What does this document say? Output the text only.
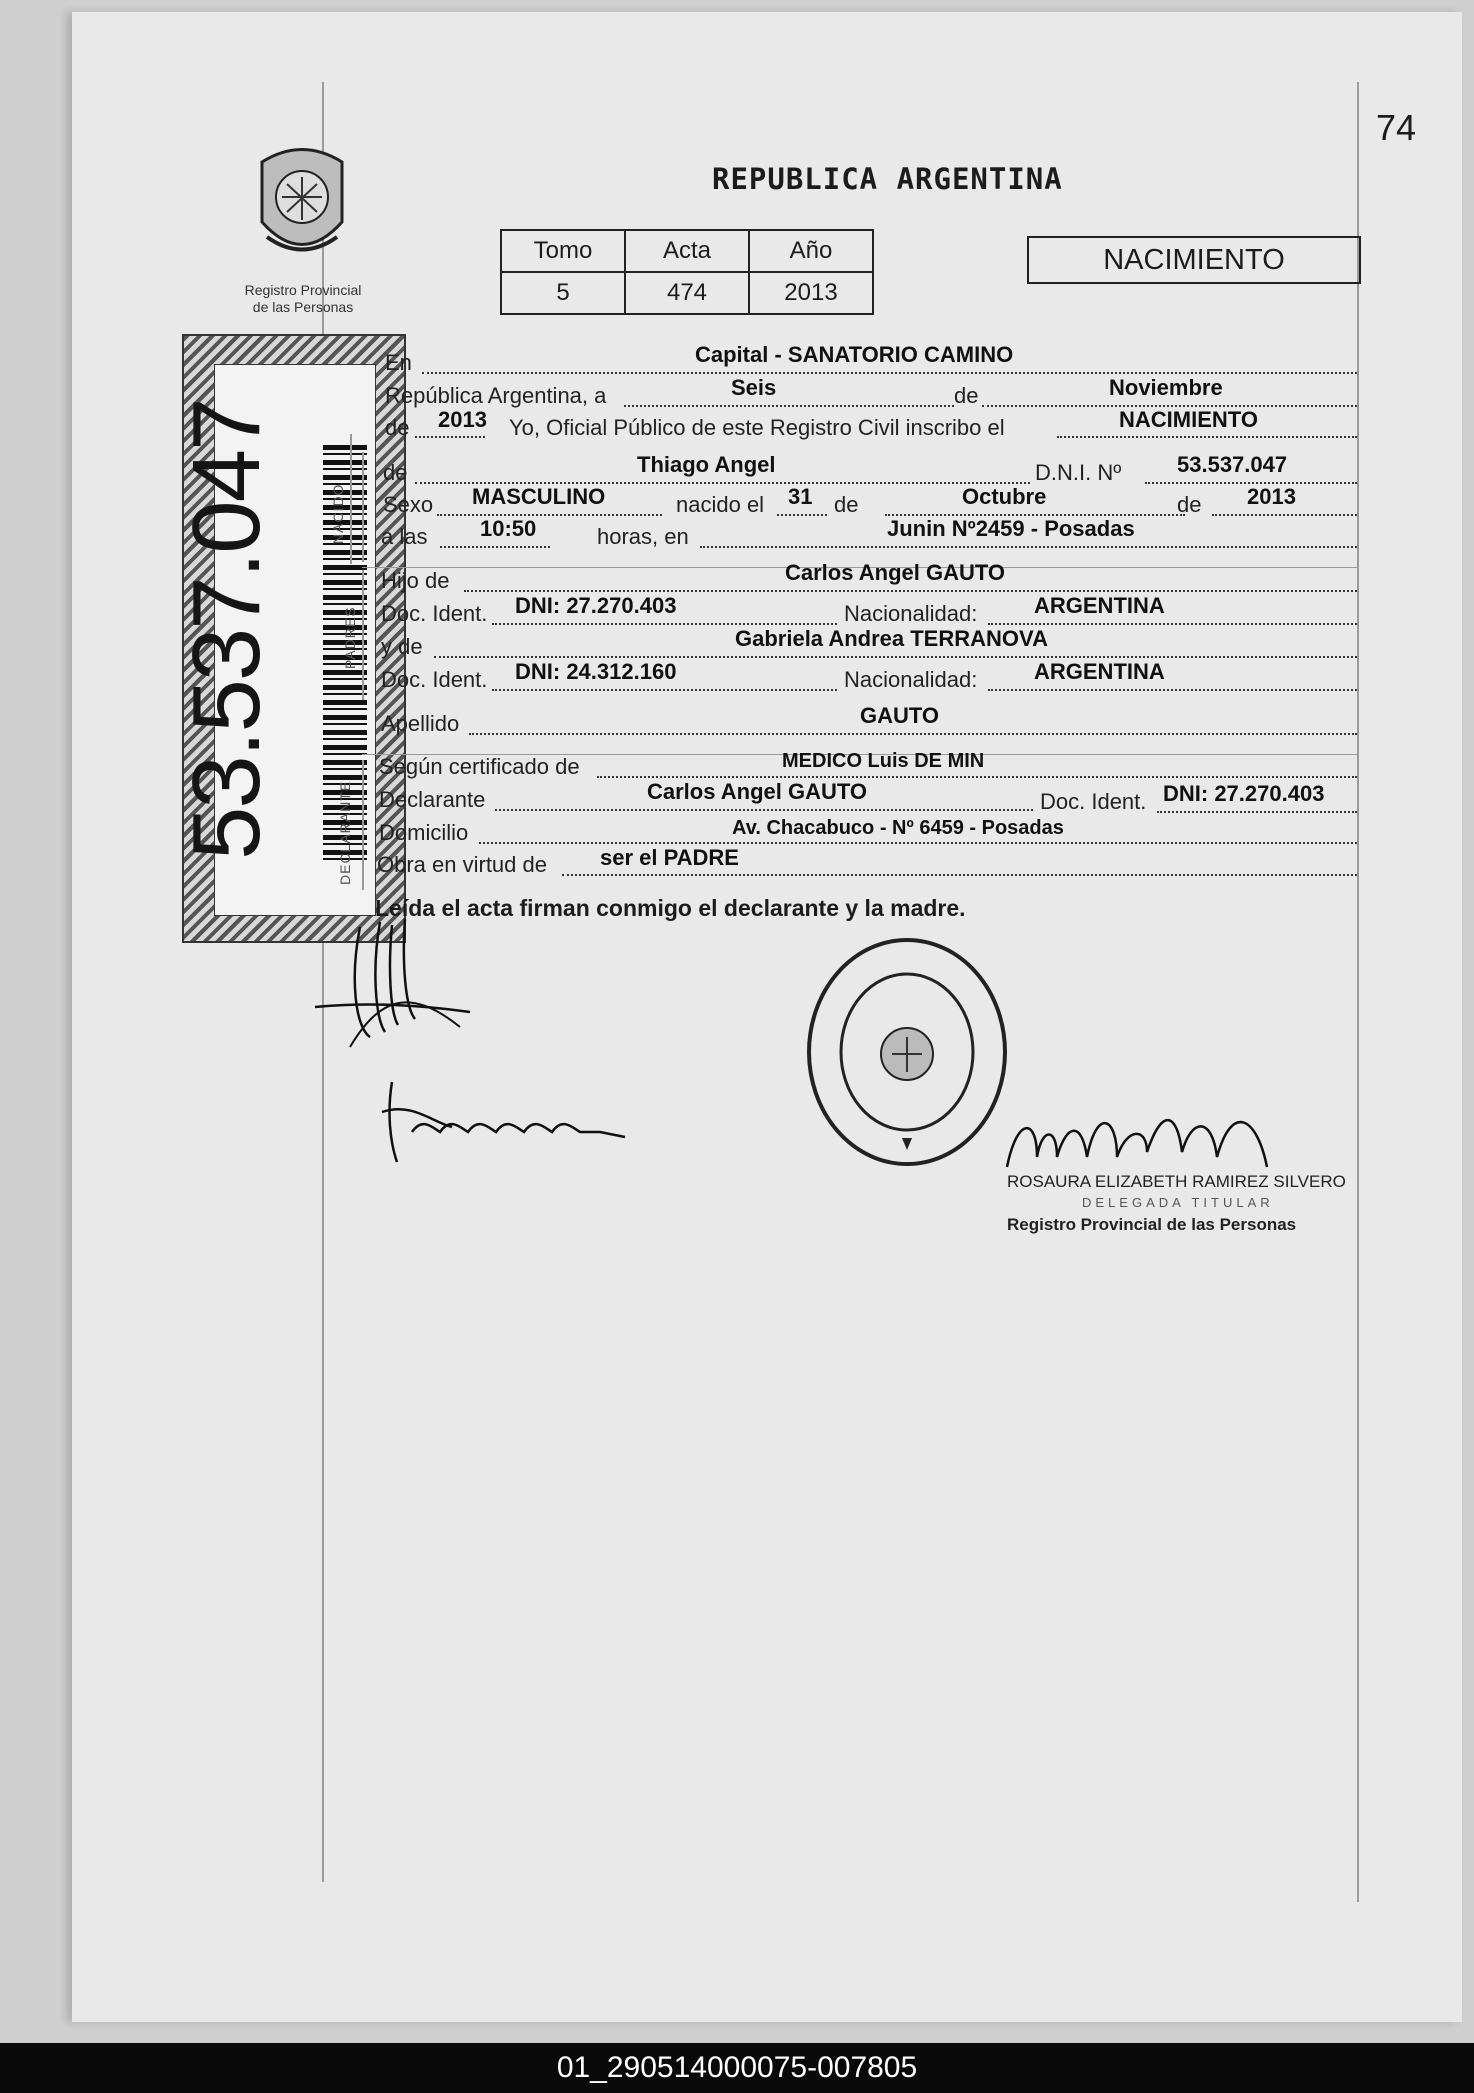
74
REPUBLICA ARGENTINA
Tomo	Acta	Año
5	474	2013
NACIMIENTO
Registro Provincial
de las Personas
53.537.047	NACIDO
PADRES
DECLARANTE
En	Capital - SANATORIO CAMINO
República Argentina, a	Seis	de	Noviembre
de 2013 Yo, Oficial Público de este Registro Civil inscribo el	NACIMIENTO
de	Thiago Angel	D.N.I. Nº	53.537.047
Sexo MASCULINO	nacido el 31 de	Octubre	de 2013
a las 10:50	horas, en	Junin Nº2459 - Posadas
Hijo de	Carlos Angel GAUTO
Doc. Ident. DNI: 27.270.403	Nacionalidad:	ARGENTINA
y de	Gabriela Andrea TERRANOVA
Doc. Ident. DNI: 24.312.160	Nacionalidad:	ARGENTINA
Apellido	GAUTO
Según certificado de	MEDICO Luis DE MIN
Declarante	Carlos Angel GAUTO	Doc. Ident. DNI: 27.270.403
Domicilio	Av. Chacabuco - Nº 6459 - Posadas
Obra en virtud de ser el PADRE
Leída el acta firman conmigo el declarante y la madre.
ROSAURA ELIZABETH RAMIREZ SILVERO
DELEGADA TITULAR
Registro Provincial de las Personas
01_290514000075-007805
